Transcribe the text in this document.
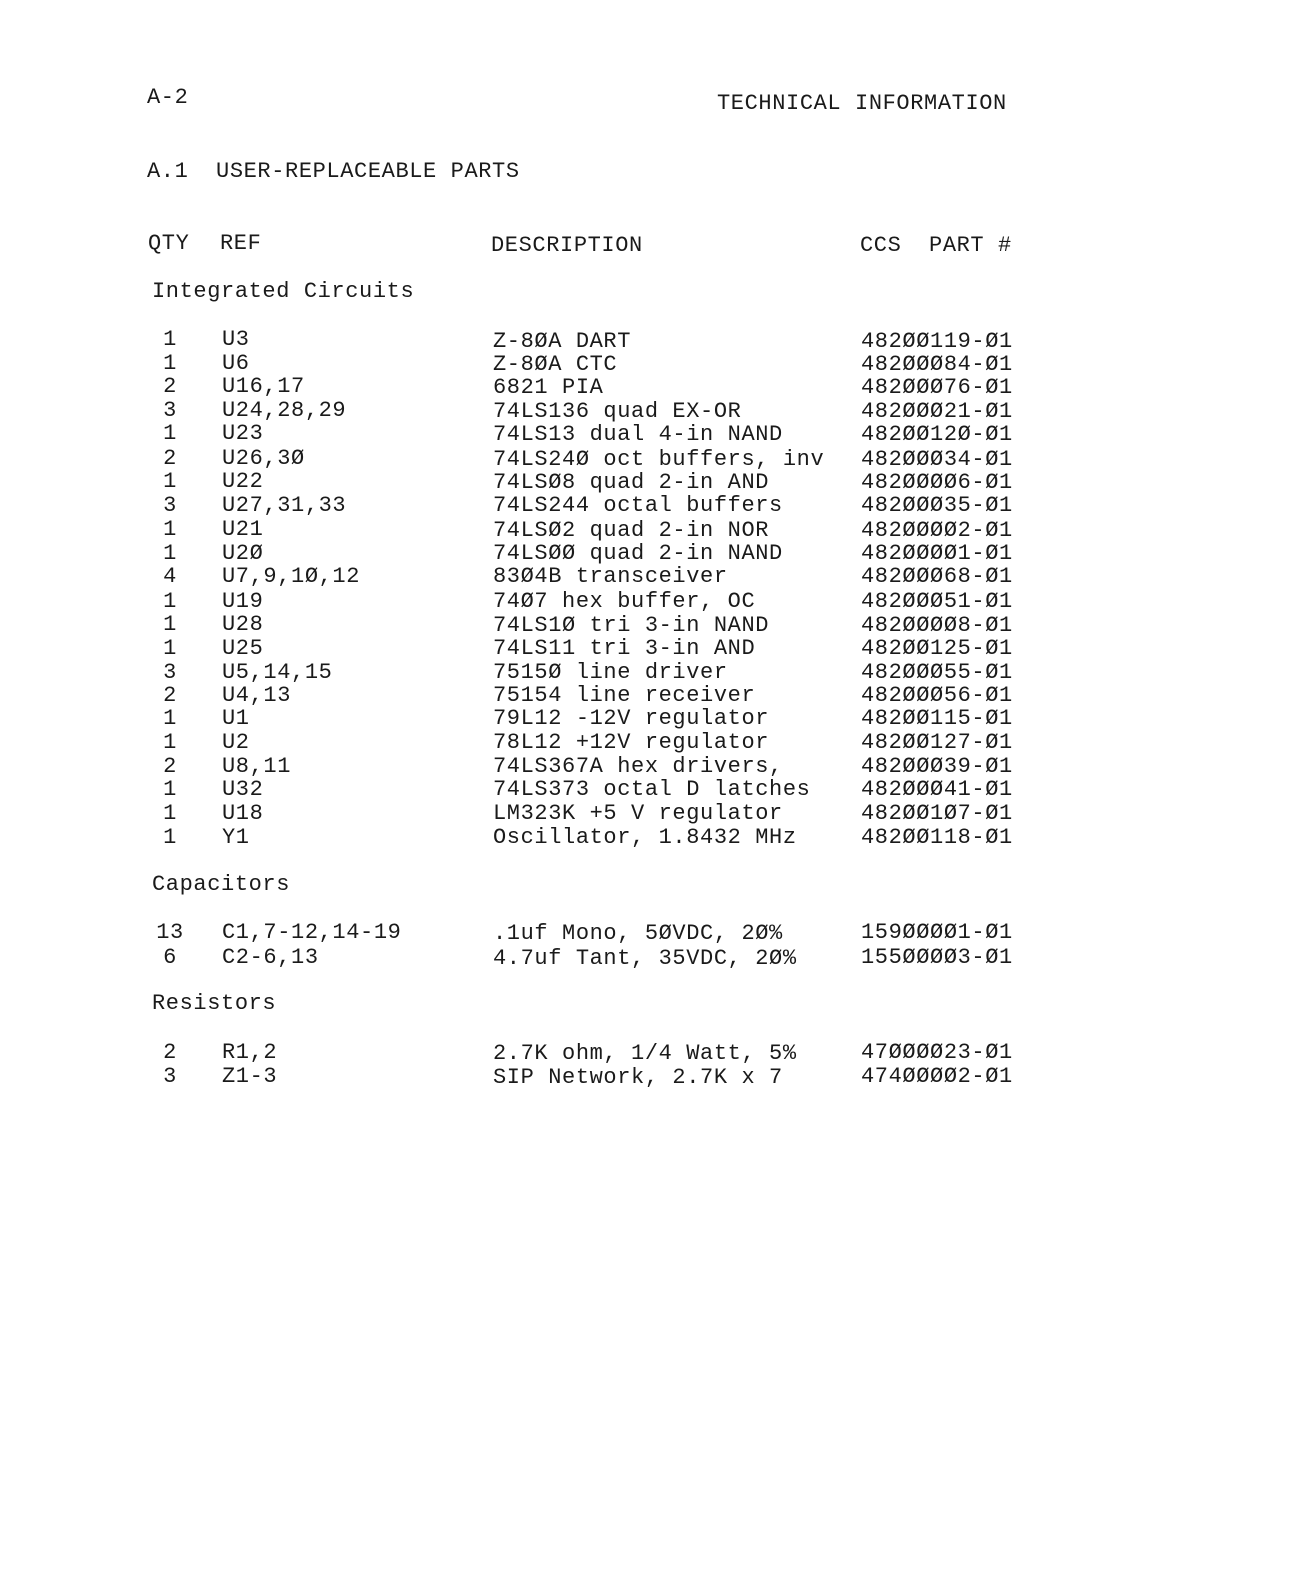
A-2	TECHNICAL INFORMATION
A.1  USER-REPLACEABLE PARTS
QTY REF	DESCRIPTION	CCS  PART #
Integrated Circuits
1	U3	Z-8ØA DART	482ØØ119-Ø1
1	U6	Z-8ØA CTC	482ØØØ84-Ø1
2	U16,17	6821 PIA	482ØØØ76-Ø1
3	U24,28,29	74LS136 quad EX-OR	482ØØØ21-Ø1
1	U23	74LS13 dual 4-in NAND	482ØØ12Ø-Ø1
2	U26,3Ø	74LS24Ø oct buffers, inv 482ØØØ34-Ø1
1	U22	74LSØ8 quad 2-in AND	482ØØØØ6-Ø1
3	U27,31,33	74LS244 octal buffers	482ØØØ35-Ø1
1	U21	74LSØ2 quad 2-in NOR	482ØØØØ2-Ø1
1	U2Ø	74LSØØ quad 2-in NAND	482ØØØØ1-Ø1
4	U7,9,1Ø,12	83Ø4B transceiver	482ØØØ68-Ø1
1	U19	74Ø7 hex buffer, OC	482ØØØ51-Ø1
1	U28	74LS1Ø tri 3-in NAND	482ØØØØ8-Ø1
1	U25	74LS11 tri 3-in AND	482ØØ125-Ø1
3	U5,14,15	7515Ø line driver	482ØØØ55-Ø1
2	U4,13	75154 line receiver	482ØØØ56-Ø1
1	U1	79L12 -12V regulator	482ØØ115-Ø1
1	U2	78L12 +12V regulator	482ØØ127-Ø1
2	U8,11	74LS367A hex drivers,	482ØØØ39-Ø1
1	U32	74LS373 octal D latches 482ØØØ41-Ø1
1	U18	LM323K +5 V regulator	482ØØ1Ø7-Ø1
1	Y1	Oscillator, 1.8432 MHz	482ØØ118-Ø1
Capacitors
13 C1,7-12,14-19	.1uf Mono, 5ØVDC, 2Ø%	159ØØØØ1-Ø1
6	C2-6,13	4.7uf Tant, 35VDC, 2Ø%	155ØØØØ3-Ø1
Resistors
2	R1,2	2.7K ohm, 1/4 Watt, 5%	47ØØØØ23-Ø1
3	Z1-3	SIP Network, 2.7K x 7	474ØØØØ2-Ø1
